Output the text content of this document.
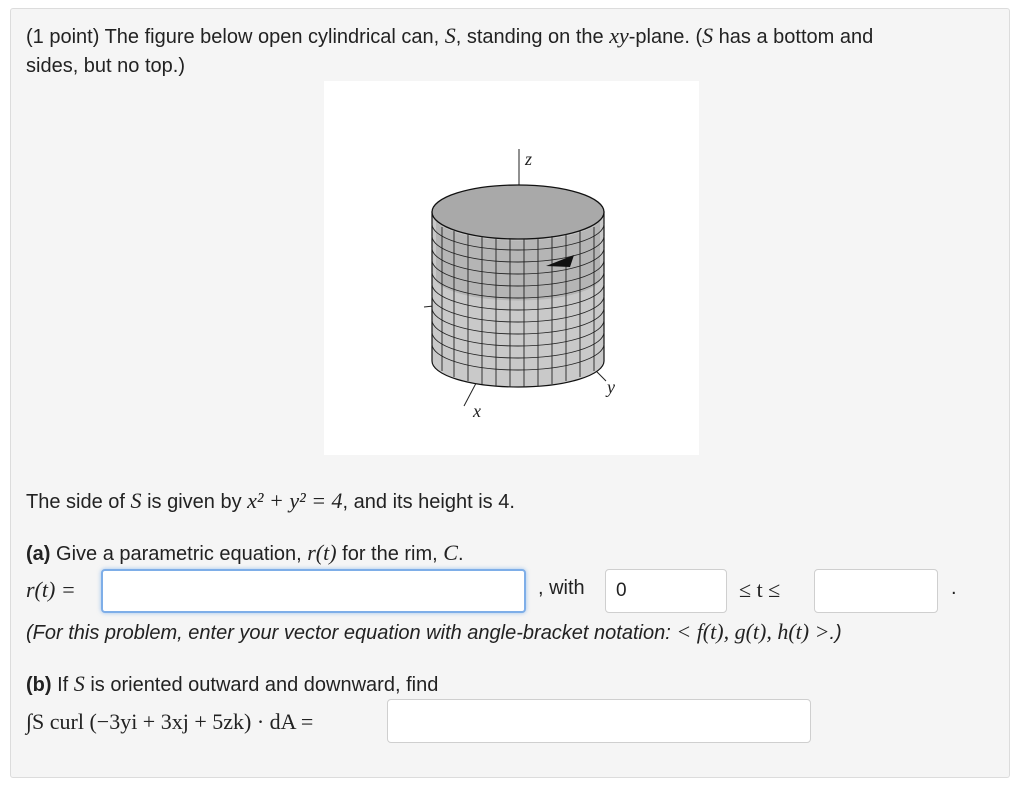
(1 point) The figure below open cylindrical can, S, standing on the xy-plane. (S has a bottom and
sides, but no top.)
z
x
y
The side of S is given by x² + y² = 4, and its height is 4.
(a) Give a parametric equation, r(t) for the rim, C.
r(t) =	, with
0	≤ t ≤	.
(For this problem, enter your vector equation with angle-bracket notation: < f(t), g(t), h(t) >.)
(b) If S is oriented outward and downward, find
∫S curl (−3yi + 3xj + 5zk) · dA =
